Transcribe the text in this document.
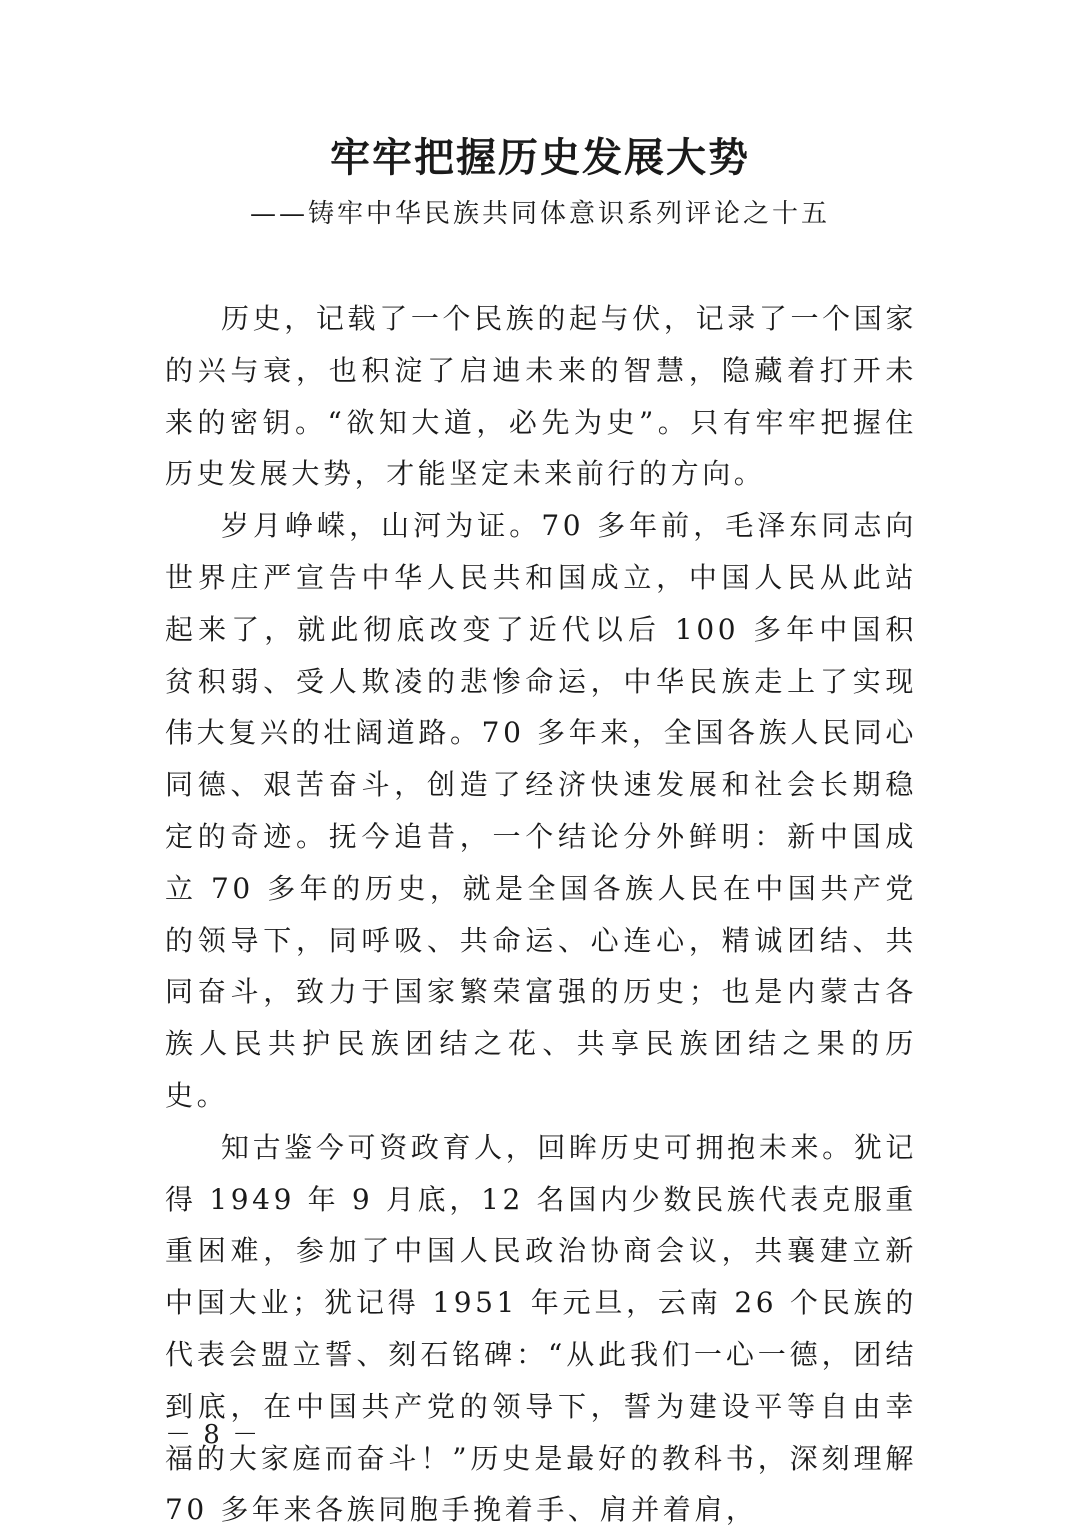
牢牢把握历史发展大势
——铸牢中华民族共同体意识系列评论之十五

历史，记载了一个民族的起与伏，记录了一个国家的兴与衰，也积淀了启迪未来的智慧，隐藏着打开未来的密钥。“欲知大道，必先为史”。只有牢牢把握住历史发展大势，才能坚定未来前行的方向。

岁月峥嵘，山河为证。70 多年前，毛泽东同志向世界庄严宣告中华人民共和国成立，中国人民从此站起来了，就此彻底改变了近代以后 100 多年中国积贫积弱、受人欺凌的悲惨命运，中华民族走上了实现伟大复兴的壮阔道路。70 多年来，全国各族人民同心同德、艰苦奋斗，创造了经济快速发展和社会长期稳定的奇迹。抚今追昔，一个结论分外鲜明：新中国成立 70 多年的历史，就是全国各族人民在中国共产党的领导下，同呼吸、共命运、心连心，精诚团结、共同奋斗，致力于国家繁荣富强的历史；也是内蒙古各族人民共护民族团结之花、共享民族团结之果的历史。

知古鉴今可资政育人，回眸历史可拥抱未来。犹记得 1949 年 9 月底，12 名国内少数民族代表克服重重困难，参加了中国人民政治协商会议，共襄建立新中国大业；犹记得 1951 年元旦，云南 26 个民族的代表会盟立誓、刻石铭碑：“从此我们一心一德，团结到底，在中国共产党的领导下，誓为建设平等自由幸福的大家庭而奋斗！”历史是最好的教科书，深刻理解 70 多年来各族同胞手挽着手、肩并着肩，

－ 8 －
